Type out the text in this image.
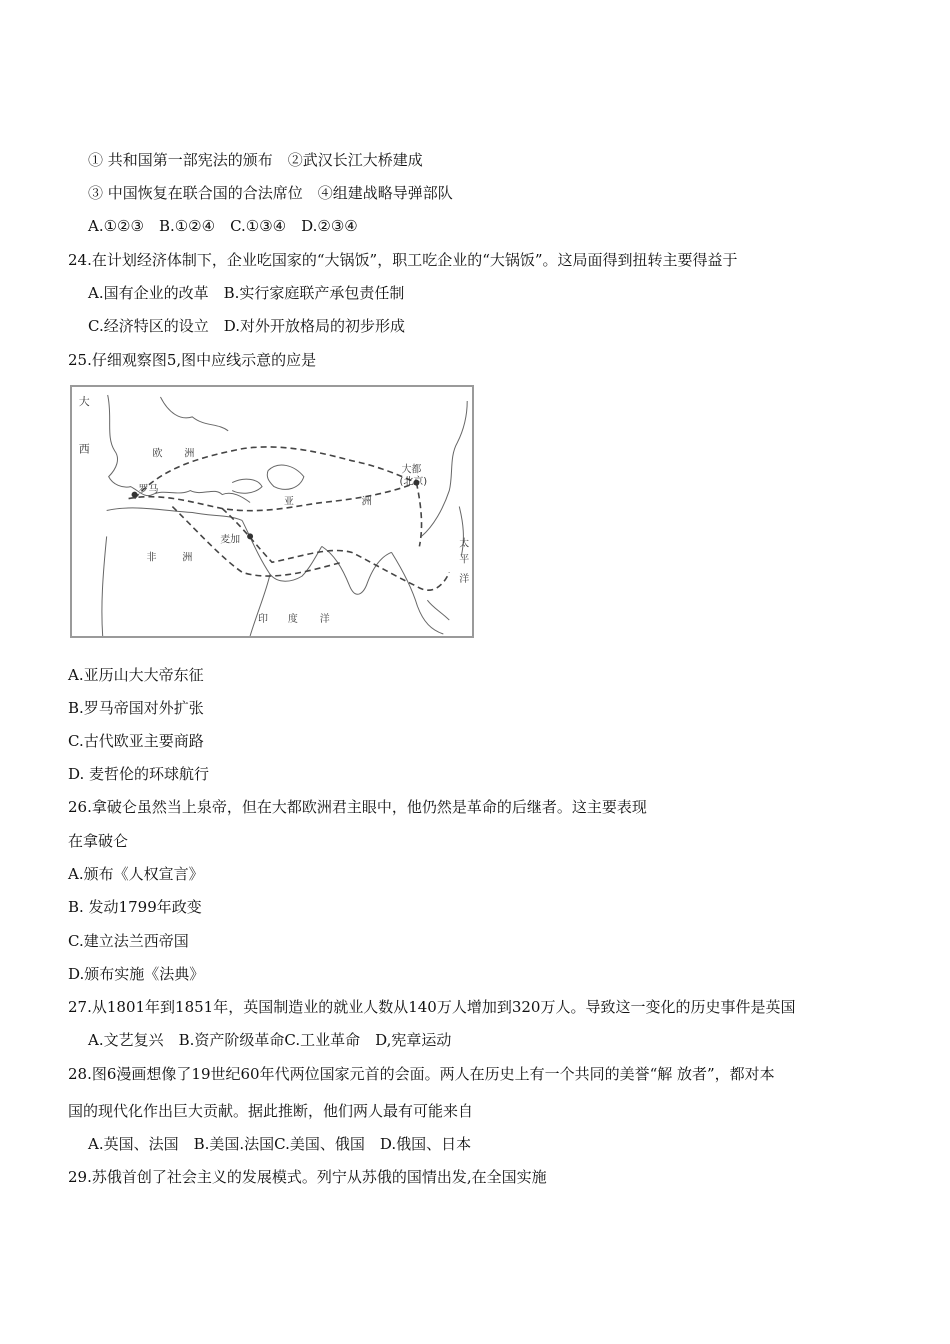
① 共和国第一部宪法的颁布　②武汉长江大桥建成
③ 中国恢复在联合国的合法席位　④组建战略导弹部队
A.①②③　B.①②④　C.①③④　D.②③④
24.在计划经济体制下，企业吃国家的“大锅饭”，职工吃企业的“大锅饭”。这局面得到扭转主要得益于
A.国有企业的改革　B.实行家庭联产承包责任制
C.经济特区的设立　D.对外开放格局的初步形成
25.仔细观察图5,图中应线示意的应是
大
西	欧 洲
罗马
大都
(北京)
亚	洲
太
平
洋
非	洲
麦加
印 度 洋
A.亚历山大大帝东征
B.罗马帝国对外扩张
C.古代欧亚主要商路
D. 麦哲伦的环球航行
26.拿破仑虽然当上泉帝，但在大都欧洲君主眼中，他仍然是革命的后继者。这主要表现
在拿破仑
A.颁布《人权宣言》
B. 发动1799年政变
C.建立法兰西帝国
D.颁布实施《法典》
27.从1801年到1851年，英国制造业的就业人数从140万人增加到320万人。导致这一变化的历史事件是英国
A.文艺复兴　B.资产阶级革命C.工业革命　D,宪章运动
28.图6漫画想像了19世纪60年代两位国家元首的会面。两人在历史上有一个共同的美誉“解 放者”，都对本
国的现代化作出巨大贡献。据此推断，他们两人最有可能来自
A.英国、法国　B.美国.法国C.美国、俄国　D.俄国、日本
29.苏俄首创了社会主义的发展模式。列宁从苏俄的国情出发,在全国实施
